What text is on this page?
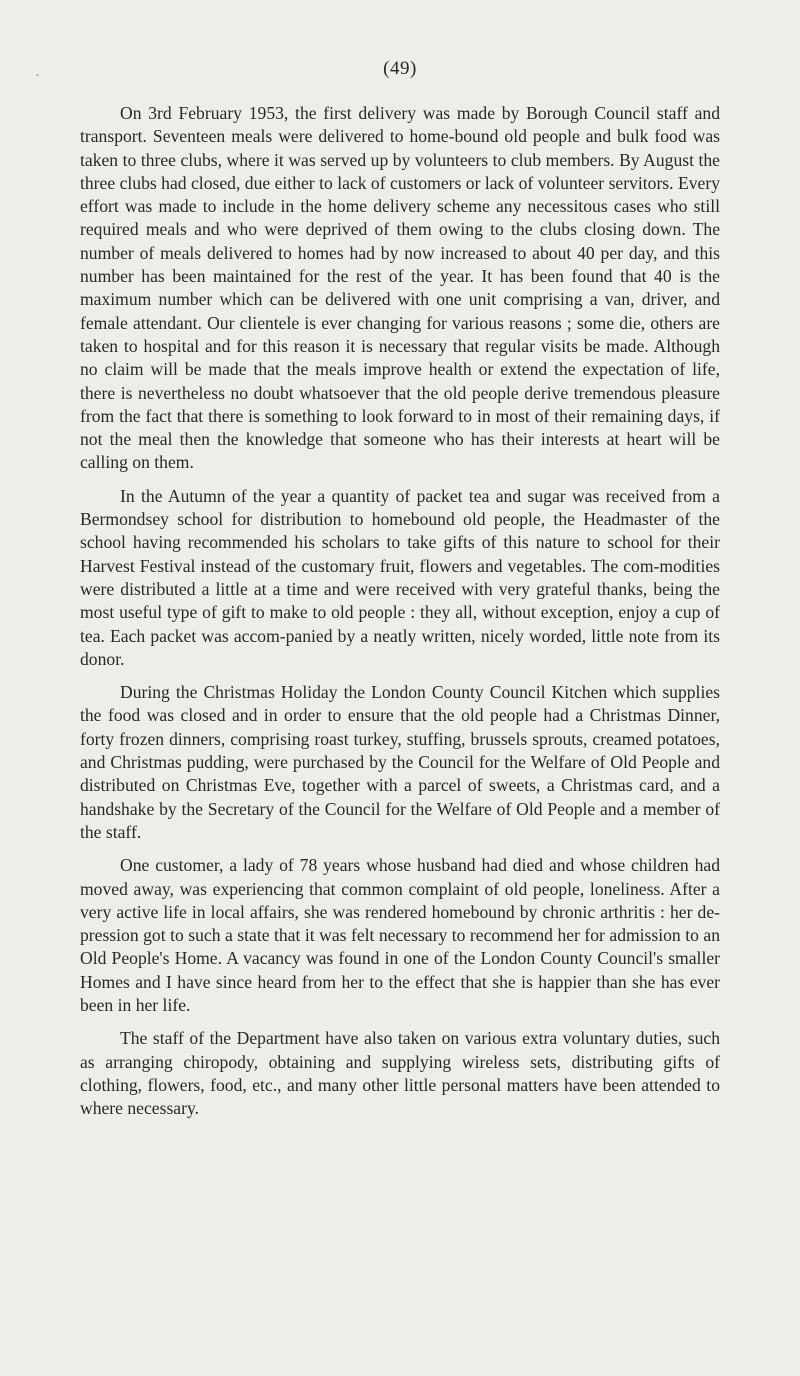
(49)

On 3rd February 1953, the first delivery was made by Borough Council staff and transport. Seventeen meals were delivered to home-bound old people and bulk food was taken to three clubs, where it was served up by volunteers to club members. By August the three clubs had closed, due either to lack of customers or lack of volunteer servitors. Every effort was made to include in the home delivery scheme any necessitous cases who still required meals and who were deprived of them owing to the clubs closing down. The number of meals delivered to homes had by now increased to about 40 per day, and this number has been maintained for the rest of the year. It has been found that 40 is the maximum number which can be delivered with one unit comprising a van, driver, and female attendant. Our clientele is ever changing for various reasons ; some die, others are taken to hospital and for this reason it is necessary that regular visits be made. Although no claim will be made that the meals improve health or extend the expectation of life, there is nevertheless no doubt whatsoever that the old people derive tremendous pleasure from the fact that there is something to look forward to in most of their remaining days, if not the meal then the knowledge that someone who has their interests at heart will be calling on them.

In the Autumn of the year a quantity of packet tea and sugar was received from a Bermondsey school for distribution to homebound old people, the Headmaster of the school having recommended his scholars to take gifts of this nature to school for their Harvest Festival instead of the customary fruit, flowers and vegetables. The com-modities were distributed a little at a time and were received with very grateful thanks, being the most useful type of gift to make to old people : they all, without exception, enjoy a cup of tea. Each packet was accom-panied by a neatly written, nicely worded, little note from its donor.

During the Christmas Holiday the London County Council Kitchen which supplies the food was closed and in order to ensure that the old people had a Christmas Dinner, forty frozen dinners, comprising roast turkey, stuffing, brussels sprouts, creamed potatoes, and Christmas pudding, were purchased by the Council for the Welfare of Old People and distributed on Christmas Eve, together with a parcel of sweets, a Christmas card, and a handshake by the Secretary of the Council for the Welfare of Old People and a member of the staff.

One customer, a lady of 78 years whose husband had died and whose children had moved away, was experiencing that common complaint of old people, loneliness. After a very active life in local affairs, she was rendered homebound by chronic arthritis : her de-pression got to such a state that it was felt necessary to recommend her for admission to an Old People's Home. A vacancy was found in one of the London County Council's smaller Homes and I have since heard from her to the effect that she is happier than she has ever been in her life.

The staff of the Department have also taken on various extra voluntary duties, such as arranging chiropody, obtaining and supplying wireless sets, distributing gifts of clothing, flowers, food, etc., and many other little personal matters have been attended to where necessary.
